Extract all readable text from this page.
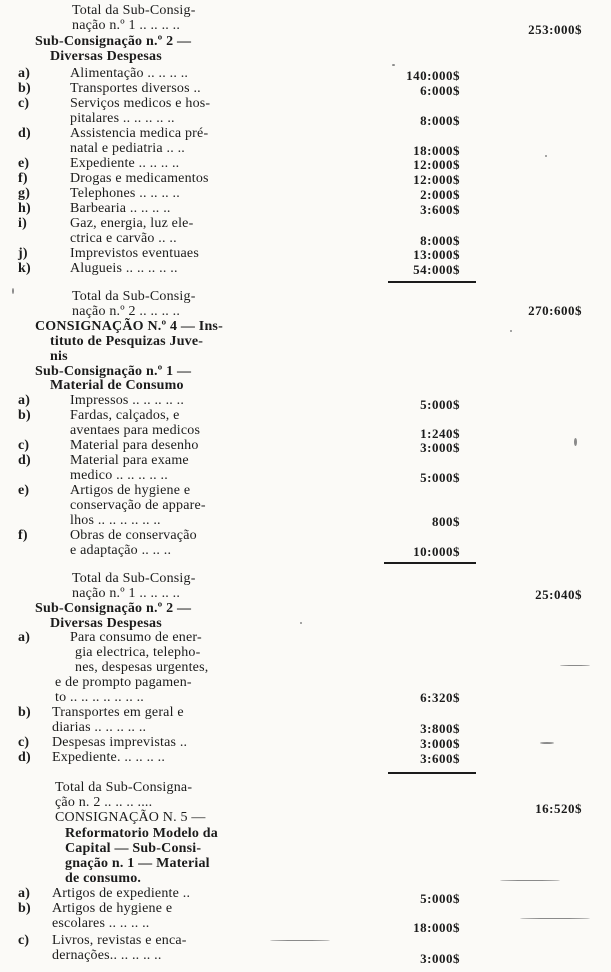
Total da Sub-Consig-
nação n.º 1 .. .. .. ..	253:000$
Sub-Consignação n.º 2 —
Diversas Despesas
a)	Alimentação .. .. .. ..	140:000$
b)	Transportes diversos ..	6:000$
c)	Serviços medicos e hos-
pitalares .. .. .. .. ..	8:000$
d)	Assistencia medica pré-
natal e pediatria .. ..	18:000$
e)	Expediente .. .. .. ..	12:000$
f)	Drogas e medicamentos	12:000$
g)	Telephones .. .. .. ..	2:000$
h)	Barbearia .. .. .. ..	3:600$
i)	Gaz, energia, luz ele-
ctrica e carvão .. ..	8:000$
j)	Imprevistos eventuaes	13:000$
k)	Alugueis .. .. .. .. ..	54:000$
Total da Sub-Consig-
nação n.º 2 .. .. .. ..	270:600$
CONSIGNAÇÃO N.º 4 — Ins-
tituto de Pesquizas Juve-
nis
Sub-Consignação n.º 1 —
Material de Consumo
a)	Impressos .. .. .. .. ..	5:000$
b)	Fardas, calçados, e
aventaes para medicos	1:240$
c)	Material para desenho	3:000$
d)	Material para exame
medico .. .. .. .. ..	5:000$
e)	Artigos de hygiene e
conservação de appare-
lhos .. .. .. .. .. ..	800$
f)	Obras de conservação
e adaptação .. .. ..	10:000$
Total da Sub-Consig-
nação n.º 1 .. .. .. ..	25:040$
Sub-Consignação n.º 2 —
Diversas Despesas
a)	Para consumo de ener-
gia electrica, telepho-
nes, despesas urgentes,
e de prompto pagamen-
to .. .. .. .. .. .. ..	6:320$
b) Transportes em geral e
diarias .. .. .. .. ..	3:800$
c) Despesas imprevistas ..	3:000$
d) Expediente. .. .. .. ..	3:600$
Total da Sub-Consigna-
ção n. 2 .. .. .. ....	16:520$
CONSIGNAÇÃO N. 5 —
Reformatorio Modelo da
Capital — Sub-Consi-
gnação n. 1 — Material
de consumo.
a) Artigos de expediente ..	5:000$
b) Artigos de hygiene e
escolares .. .. .. ..	18:000$
c) Livros, revistas e enca-
dernações.. .. .. .. ..	3:000$
